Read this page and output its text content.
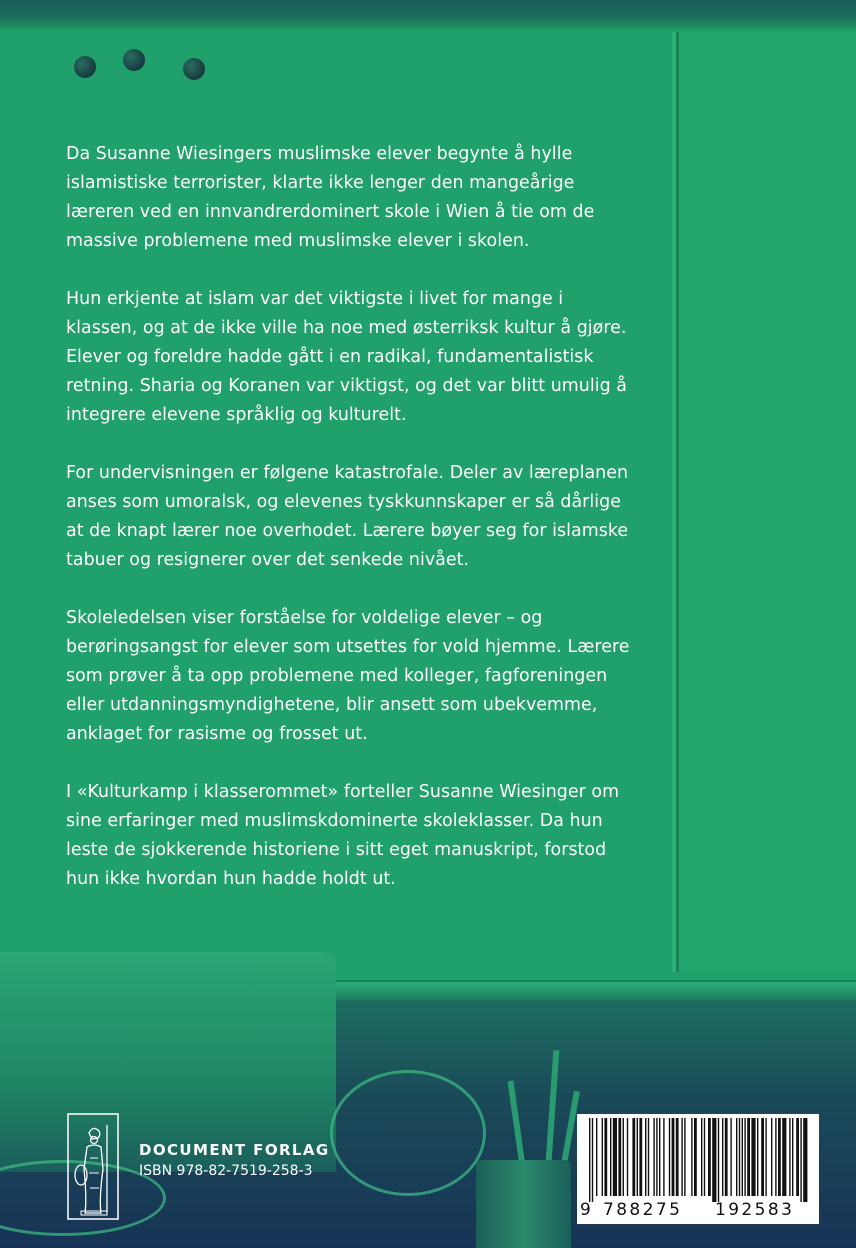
Da Susanne Wiesingers muslimske elever begynte å hylle
islamistiske terrorister, klarte ikke lenger den mangeårige
læreren ved en innvandrerdominert skole i Wien å tie om de
massive problemene med muslimske elever i skolen.

Hun erkjente at islam var det viktigste i livet for mange i
klassen, og at de ikke ville ha noe med østerriksk kultur å gjøre.
Elever og foreldre hadde gått i en radikal, fundamentalistisk
retning. Sharia og Koranen var viktigst, og det var blitt umulig å
integrere elevene språklig og kulturelt.

For undervisningen er følgene katastrofale. Deler av læreplanen
anses som umoralsk, og elevenes tyskkunnskaper er så dårlige
at de knapt lærer noe overhodet. Lærere bøyer seg for islamske
tabuer og resignerer over det senkede nivået.

Skoleledelsen viser forståelse for voldelige elever – og
berøringsangst for elever som utsettes for vold hjemme. Lærere
som prøver å ta opp problemene med kolleger, fagforeningen
eller utdanningsmyndighetene, blir ansett som ubekvemme,
anklaget for rasisme og frosset ut.

I «Kulturkamp i klasserommet» forteller Susanne Wiesinger om
sine erfaringer med muslimskdominerte skoleklasser. Da hun
leste de sjokkerende historiene i sitt eget manuskript, forstod
hun ikke hvordan hun hadde holdt ut.

DOCUMENT FORLAG
ISBN 978-82-7519-258-3
9 788275 192583
